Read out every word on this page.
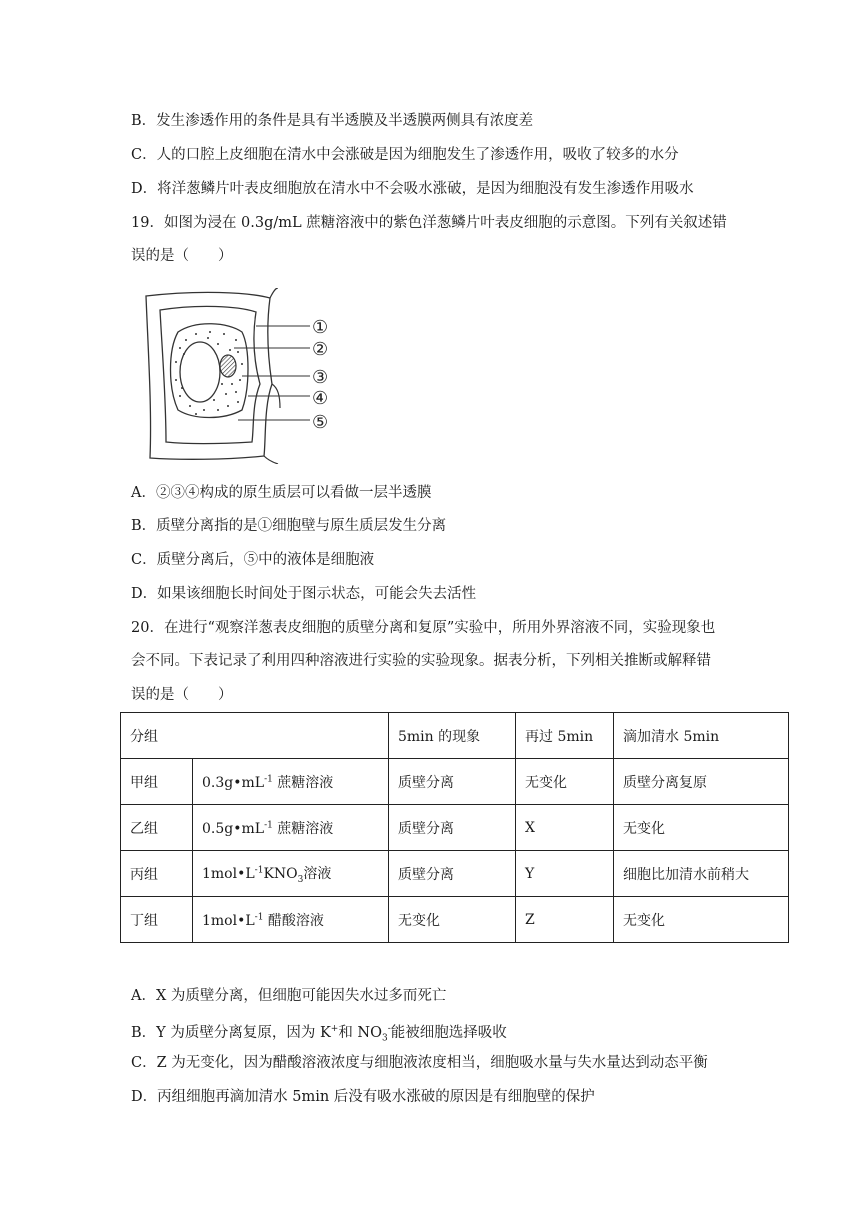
B．发生渗透作用的条件是具有半透膜及半透膜两侧具有浓度差
C．人的口腔上皮细胞在清水中会涨破是因为细胞发生了渗透作用，吸收了较多的水分
D．将洋葱鳞片叶表皮细胞放在清水中不会吸水涨破，是因为细胞没有发生渗透作用吸水
19．如图为浸在 0.3g/mL 蔗糖溶液中的紫色洋葱鳞片叶表皮细胞的示意图。下列有关叙述错
误的是（　　）
①
②
③
④
⑤
A．②③④构成的原生质层可以看做一层半透膜
B．质壁分离指的是①细胞壁与原生质层发生分离
C．质壁分离后，⑤中的液体是细胞液
D．如果该细胞长时间处于图示状态，可能会失去活性
20．在进行“观察洋葱表皮细胞的质壁分离和复原”实验中，所用外界溶液不同，实验现象也
会不同。下表记录了利用四种溶液进行实验的实验现象。据表分析，下列相关推断或解释错
误的是（　　）
分组		5min 的现象	再过 5min	滴加清水 5min
甲组	$0.3g•mL^{-1}$ 蔗糖溶液	质壁分离	无变化	质壁分离复原
乙组	$0.5g•mL^{-1}$ 蔗糖溶液	质壁分离	X	无变化
丙组	$1mol•L^{-1}KNO_3$溶液	质壁分离	Y	细胞比加清水前稍大
丁组	$1mol•L^{-1}$ 醋酸溶液	无变化	Z	无变化
A．X 为质壁分离，但细胞可能因失水过多而死亡
B．Y 为质壁分离复原，因为 K+和 $NO_3^-$能被细胞选择吸收
C．Z 为无变化，因为醋酸溶液浓度与细胞液浓度相当，细胞吸水量与失水量达到动态平衡
D．丙组细胞再滴加清水 5min 后没有吸水涨破的原因是有细胞壁的保护
